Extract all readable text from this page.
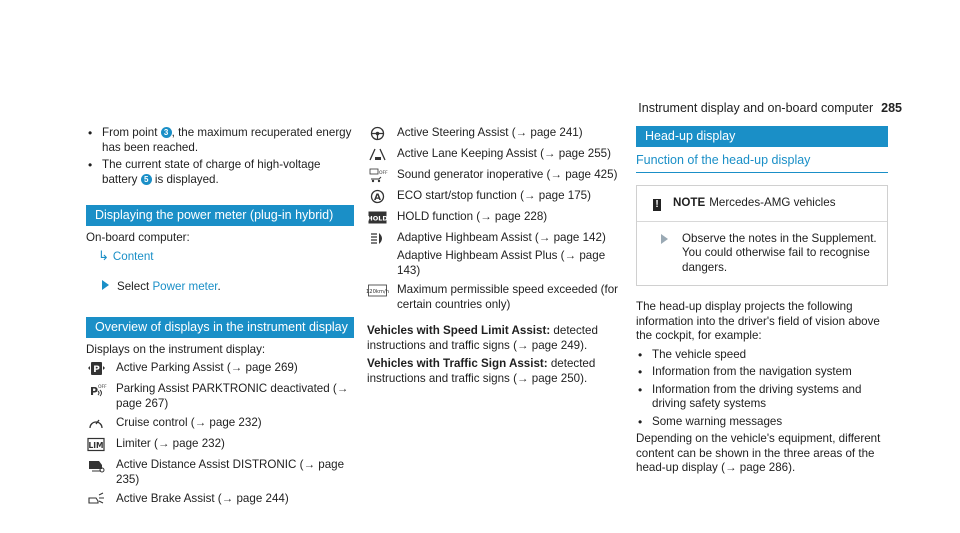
Instrument display and on-board computer 285
• From point 3 , the maximum recuperated energy has been reached.
• The current state of charge of high-voltage battery 5 is displayed.
Displaying the power meter (plug-in hybrid)

On-board computer:

↳ Content

Select Power meter.

Overview of displays in the instrument display

Displays on the instrument display:

P Active Parking Assist (→ page 269)
P OFF Parking Assist PARKTRONIC deactivated (→ page 267)
Cruise control (→ page 232)
LIM Limiter (→ page 232)
Active Distance Assist DISTRONIC (→ page 235)
Active Brake Assist (→ page 244)
Active Steering Assist (→ page 241)
Active Lane Keeping Assist (→ page 255)
OFF Sound generator inoperative (→ page 425)
A ECO start/stop function (→ page 175)
HOLD HOLD function (→ page 228)
Adaptive Highbeam Assist (→ page 142)

Adaptive Highbeam Assist Plus (→ page 143)

120km/h Maximum permissible speed exceeded (for certain countries only)

Vehicles with Speed Limit Assist: detected instructions and traffic signs (→ page 249).

Vehicles with Traffic Sign Assist: detected instructions and traffic signs (→ page 250).

Head-up display
Function of the head-up display
! NOTE Mercedes-AMG vehicles
Observe the notes in the Supplement. You could otherwise fail to recognise dangers.

The head-up display projects the following information into the driver's field of vision above the cockpit, for example:

• The vehicle speed
• Information from the navigation system
• Information from the driving systems and driving safety systems
• Some warning messages

Depending on the vehicle's equipment, different content can be shown in the three areas of the head-up display (→ page 286).
